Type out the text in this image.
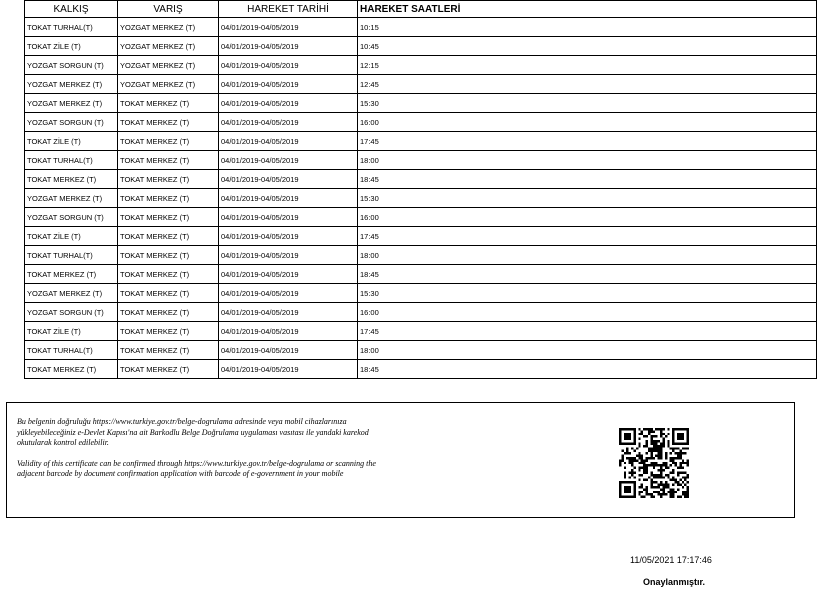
KALKIŞ	VARIŞ	HAREKET TARİHİ	HAREKET SAATLERİ
TOKAT TURHAL(T)	YOZGAT MERKEZ (T)	04/01/2019-04/05/2019	10:15
TOKAT ZİLE (T)	YOZGAT MERKEZ (T)	04/01/2019-04/05/2019	10:45
YOZGAT SORGUN (T)	YOZGAT MERKEZ (T)	04/01/2019-04/05/2019	12:15
YOZGAT MERKEZ (T)	YOZGAT MERKEZ (T)	04/01/2019-04/05/2019	12:45
YOZGAT MERKEZ (T)	TOKAT MERKEZ (T)	04/01/2019-04/05/2019	15:30
YOZGAT SORGUN (T)	TOKAT MERKEZ (T)	04/01/2019-04/05/2019	16:00
TOKAT ZİLE (T)	TOKAT MERKEZ (T)	04/01/2019-04/05/2019	17:45
TOKAT TURHAL(T)	TOKAT MERKEZ (T)	04/01/2019-04/05/2019	18:00
TOKAT MERKEZ (T)	TOKAT MERKEZ (T)	04/01/2019-04/05/2019	18:45
YOZGAT MERKEZ (T)	TOKAT MERKEZ (T)	04/01/2019-04/05/2019	15:30
YOZGAT SORGUN (T)	TOKAT MERKEZ (T)	04/01/2019-04/05/2019	16:00
TOKAT ZİLE (T)	TOKAT MERKEZ (T)	04/01/2019-04/05/2019	17:45
TOKAT TURHAL(T)	TOKAT MERKEZ (T)	04/01/2019-04/05/2019	18:00
TOKAT MERKEZ (T)	TOKAT MERKEZ (T)	04/01/2019-04/05/2019	18:45
YOZGAT MERKEZ (T)	TOKAT MERKEZ (T)	04/01/2019-04/05/2019	15:30
YOZGAT SORGUN (T)	TOKAT MERKEZ (T)	04/01/2019-04/05/2019	16:00
TOKAT ZİLE (T)	TOKAT MERKEZ (T)	04/01/2019-04/05/2019	17:45
TOKAT TURHAL(T)	TOKAT MERKEZ (T)	04/01/2019-04/05/2019	18:00
TOKAT MERKEZ (T)	TOKAT MERKEZ (T)	04/01/2019-04/05/2019	18:45

Bu belgenin doğruluğu https://www.turkiye.gov.tr/belge-dogrulama adresinde veya mobil cihazlarınıza yükleyebileceğiniz e-Devlet Kapısı'na ait Barkodlu Belge Doğrulama uygulaması vasıtası ile yandaki karekod okutularak kontrol edilebilir.

Validity of this certificate can be confirmed through https://www.turkiye.gov.tr/belge-dogrulama or scanning the adjacent barcode by document confirmation application with barcode of e-government in your mobile

11/05/2021 17:17:46
Onaylanmıştır.
